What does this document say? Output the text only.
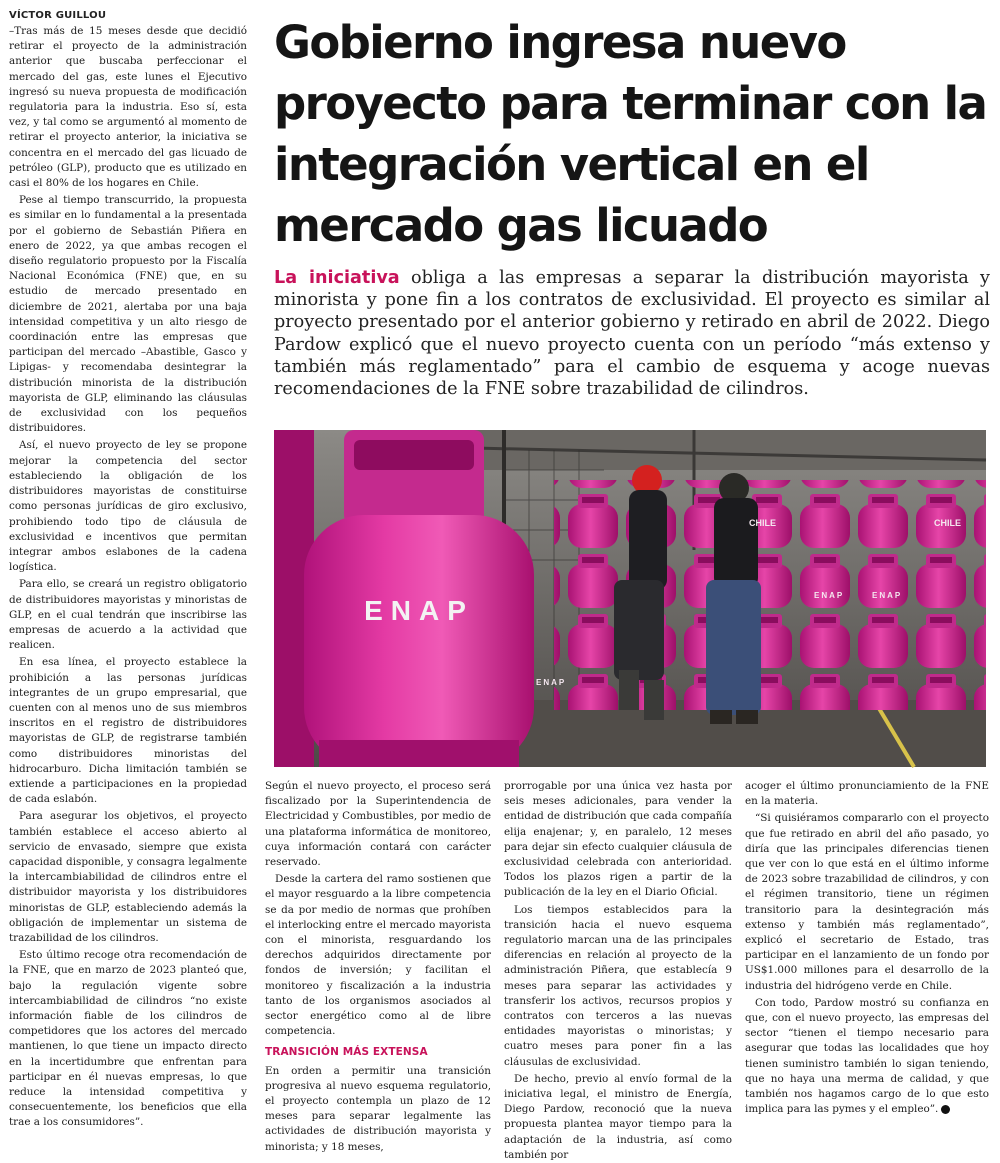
VÍCTOR GUILLOU

–Tras más de 15 meses desde que decidió retirar el proyecto de la administración anterior que buscaba perfeccionar el mercado del gas, este lunes el Ejecutivo ingresó su nueva propuesta de modificación regulatoria para la industria. Eso sí, esta vez, y tal como se argumentó al momento de retirar el proyecto anterior, la iniciativa se concentra en el mercado del gas licuado de petróleo (GLP), producto que es utilizado en casi el 80% de los hogares en Chile.

Pese al tiempo transcurrido, la propuesta es similar en lo fundamental a la presentada por el gobierno de Sebastián Piñera en enero de 2022, ya que ambas recogen el diseño regulatorio propuesto por la Fiscalía Nacional Económica (FNE) que, en su estudio de mercado presentado en diciembre de 2021, alertaba por una baja intensidad competitiva y un alto riesgo de coordinación entre las empresas que participan del mercado –Abastible, Gasco y Lipigas- y recomendaba desintegrar la distribución minorista de la distribución mayorista de GLP, eliminando las cláusulas de exclusividad con los pequeños distribuidores.

Así, el nuevo proyecto de ley se propone mejorar la competencia del sector estableciendo la obligación de los distribuidores mayoristas de constituirse como personas jurídicas de giro exclusivo, prohibiendo todo tipo de cláusula de exclusividad e incentivos que permitan integrar ambos eslabones de la cadena logística.

Para ello, se creará un registro obligatorio de distribuidores mayoristas y minoristas de GLP, en el cual tendrán que inscribirse las empresas de acuerdo a la actividad que realicen.

En esa línea, el proyecto establece la prohibición a las personas jurídicas integrantes de un grupo empresarial, que cuenten con al menos uno de sus miembros inscritos en el registro de distribuidores mayoristas de GLP, de registrarse también como distribuidores minoristas del hidrocarburo. Dicha limitación también se extiende a participaciones en la propiedad de cada eslabón.

Para asegurar los objetivos, el proyecto también establece el acceso abierto al servicio de envasado, siempre que exista capacidad disponible, y consagra legalmente la intercambiabilidad de cilindros entre el distribuidor mayorista y los distribuidores minoristas de GLP, estableciendo además la obligación de implementar un sistema de trazabilidad de los cilindros.

Esto último recoge otra recomendación de la FNE, que en marzo de 2023 planteó que, bajo la regulación vigente sobre intercambiabilidad de cilindros “no existe información fiable de los cilindros de competidores que los actores del mercado mantienen, lo que tiene un impacto directo en la incertidumbre que enfrentan para participar en él nuevas empresas, lo que reduce la intensidad competitiva y consecuentemente, los beneficios que ella trae a los consumidores”.

Gobierno ingresa nuevo proyecto para terminar con la integración vertical en el mercado gas licuado
La iniciativa obliga a las empresas a separar la distribución mayorista y minorista y pone fin a los contratos de exclusividad. El proyecto es similar al proyecto presentado por el anterior gobierno y retirado en abril de 2022. Diego Pardow explicó que el nuevo proyecto cuenta con un período “más extenso y también más reglamentado” para el cambio de esquema y acoge nuevas recomendaciones de la FNE sobre trazabilidad de cilindros.
ENAP
CHILE	CHILE
ENAP	ENAP
ENAP

Según el nuevo proyecto, el proceso será fiscalizado por la Superintendencia de Electricidad y Combustibles, por medio de una plataforma informática de monitoreo, cuya información contará con carácter reservado.

Desde la cartera del ramo sostienen que el mayor resguardo a la libre competencia se da por medio de normas que prohíben el interlocking entre el mercado mayorista con el minorista, resguardando los derechos adquiridos directamente por fondos de inversión; y facilitan el monitoreo y fiscalización a la industria tanto de los organismos asociados al sector energético como al de libre competencia.

TRANSICIÓN MÁS EXTENSA

En orden a permitir una transición progresiva al nuevo esquema regulatorio, el proyecto contempla un plazo de 12 meses para separar legalmente las actividades de distribución mayorista y minorista; y 18 meses,

prorrogable por una única vez hasta por seis meses adicionales, para vender la entidad de distribución que cada compañía elija enajenar; y, en paralelo, 12 meses para dejar sin efecto cualquier cláusula de exclusividad celebrada con anterioridad. Todos los plazos rigen a partir de la publicación de la ley en el Diario Oficial.

Los tiempos establecidos para la transición hacia el nuevo esquema regulatorio marcan una de las principales diferencias en relación al proyecto de la administración Piñera, que establecía 9 meses para separar las actividades y transferir los activos, recursos propios y contratos con terceros a las nuevas entidades mayoristas o minoristas; y cuatro meses para poner fin a las cláusulas de exclusividad.

De hecho, previo al envío formal de la iniciativa legal, el ministro de Energía, Diego Pardow, reconoció que la nueva propuesta plantea mayor tiempo para la adaptación de la industria, así como también por

acoger el último pronunciamiento de la FNE en la materia.

“Si quisiéramos compararlo con el proyecto que fue retirado en abril del año pasado, yo diría que las principales diferencias tienen que ver con lo que está en el último informe de 2023 sobre trazabilidad de cilindros, y con el régimen transitorio, tiene un régimen transitorio para la desintegración más extenso y también más reglamentado”, explicó el secretario de Estado, tras participar en el lanzamiento de un fondo por US$1.000 millones para el desarrollo de la industria del hidrógeno verde en Chile.

Con todo, Pardow mostró su confianza en que, con el nuevo proyecto, las empresas del sector “tienen el tiempo necesario para asegurar que todas las localidades que hoy tienen suministro también lo sigan teniendo, que no haya una merma de calidad, y que también nos hagamos cargo de lo que esto implica para las pymes y el empleo”.
